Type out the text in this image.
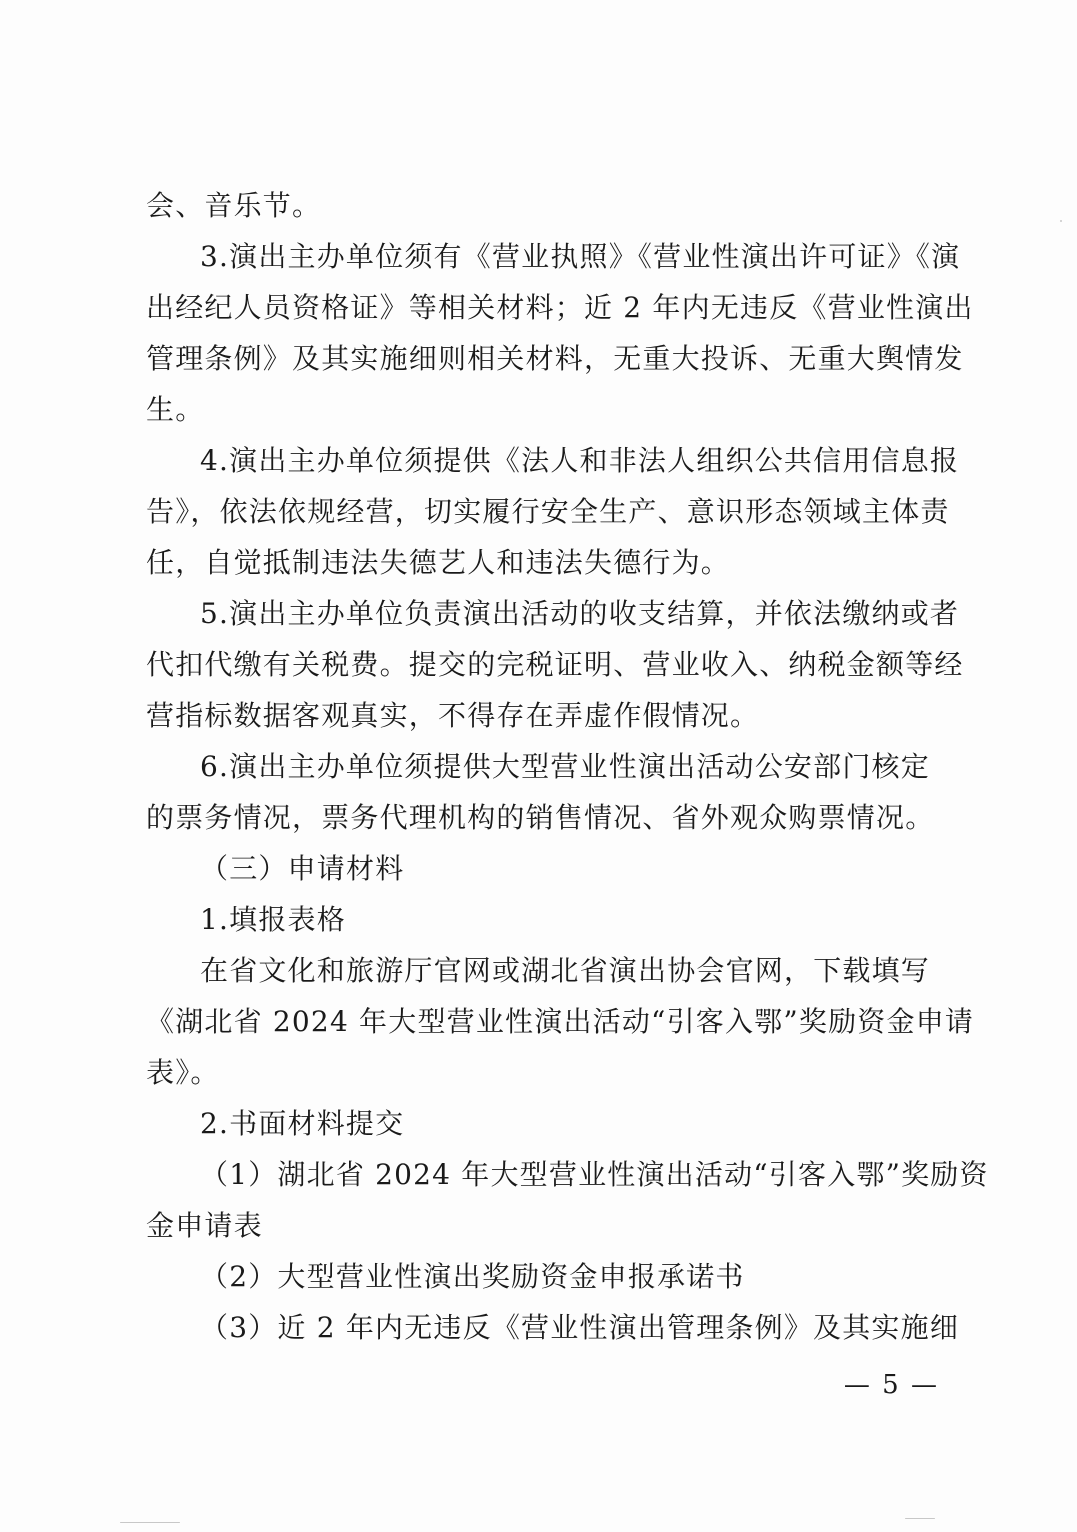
会、音乐节。
3.演出主办单位须有《营业执照》《营业性演出许可证》《演
出经纪人员资格证》等相关材料；近 2 年内无违反《营业性演出
管理条例》及其实施细则相关材料，无重大投诉、无重大舆情发
生。
4.演出主办单位须提供《法人和非法人组织公共信用信息报
告》，依法依规经营，切实履行安全生产、意识形态领域主体责
任，自觉抵制违法失德艺人和违法失德行为。
5.演出主办单位负责演出活动的收支结算，并依法缴纳或者
代扣代缴有关税费。提交的完税证明、营业收入、纳税金额等经
营指标数据客观真实，不得存在弄虚作假情况。
6.演出主办单位须提供大型营业性演出活动公安部门核定
的票务情况，票务代理机构的销售情况、省外观众购票情况。
（三）申请材料
1.填报表格
在省文化和旅游厅官网或湖北省演出协会官网，下载填写
《湖北省 2024 年大型营业性演出活动“引客入鄂”奖励资金申请
表》。
2.书面材料提交
（1）湖北省 2024 年大型营业性演出活动“引客入鄂”奖励资
金申请表
（2）大型营业性演出奖励资金申报承诺书
（3）近 2 年内无违反《营业性演出管理条例》及其实施细
— 5 —
